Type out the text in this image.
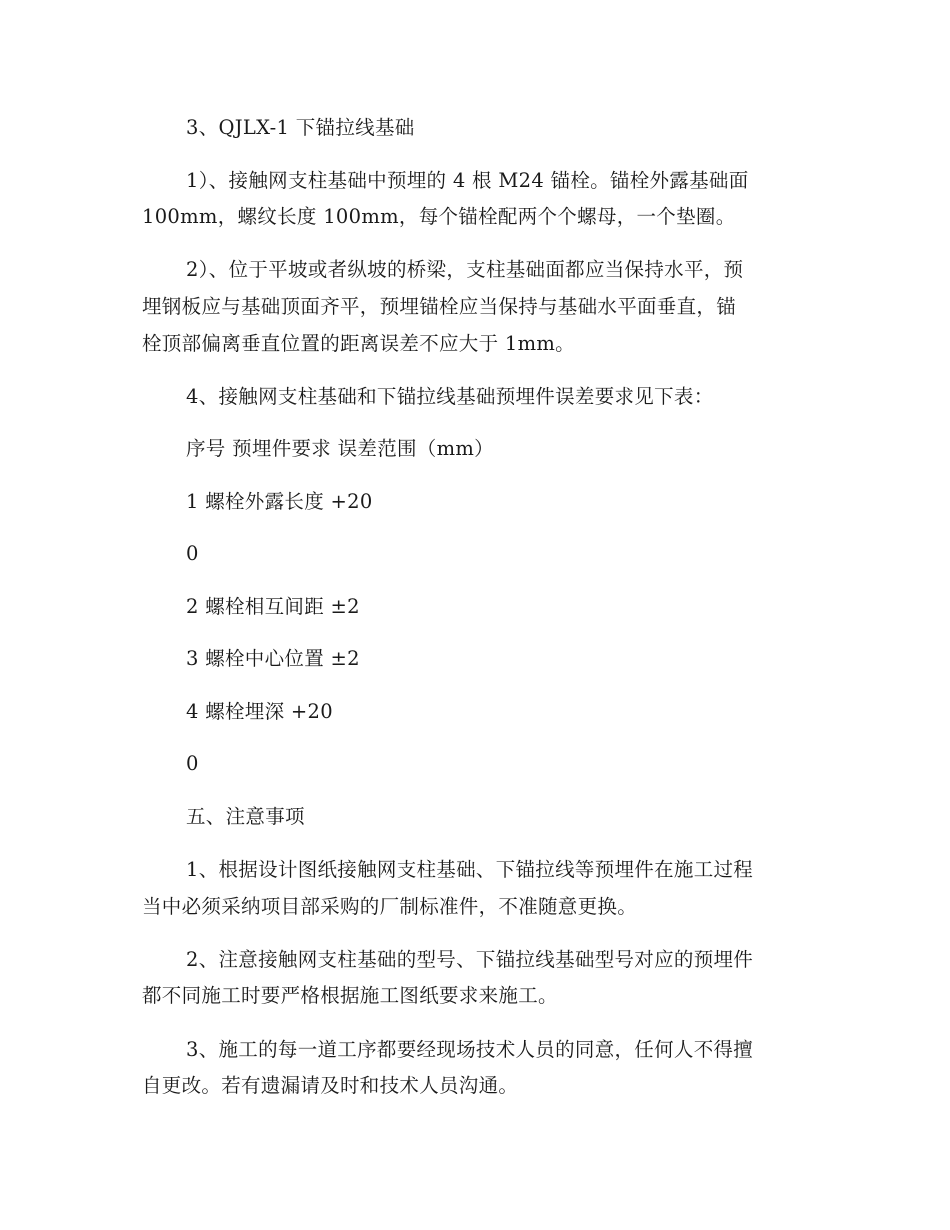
3、QJLX-1 下锚拉线基础
1）、接触网支柱基础中预埋的 4 根 M24 锚栓。锚栓外露基础面
100mm，螺纹长度 100mm，每个锚栓配两个个螺母，一个垫圈。
2）、位于平坡或者纵坡的桥梁，支柱基础面都应当保持水平，预
埋钢板应与基础顶面齐平，预埋锚栓应当保持与基础水平面垂直，锚
栓顶部偏离垂直位置的距离误差不应大于 1mm。
4、接触网支柱基础和下锚拉线基础预埋件误差要求见下表：
序号 预埋件要求 误差范围（mm）
1 螺栓外露长度 +20
0
2 螺栓相互间距 ±2
3 螺栓中心位置 ±2
4 螺栓埋深 +20
0
五、注意事项
1、根据设计图纸接触网支柱基础、下锚拉线等预埋件在施工过程
当中必须采纳项目部采购的厂制标准件，不准随意更换。
2、注意接触网支柱基础的型号、下锚拉线基础型号对应的预埋件
都不同施工时要严格根据施工图纸要求来施工。
3、施工的每一道工序都要经现场技术人员的同意，任何人不得擅
自更改。若有遗漏请及时和技术人员沟通。
